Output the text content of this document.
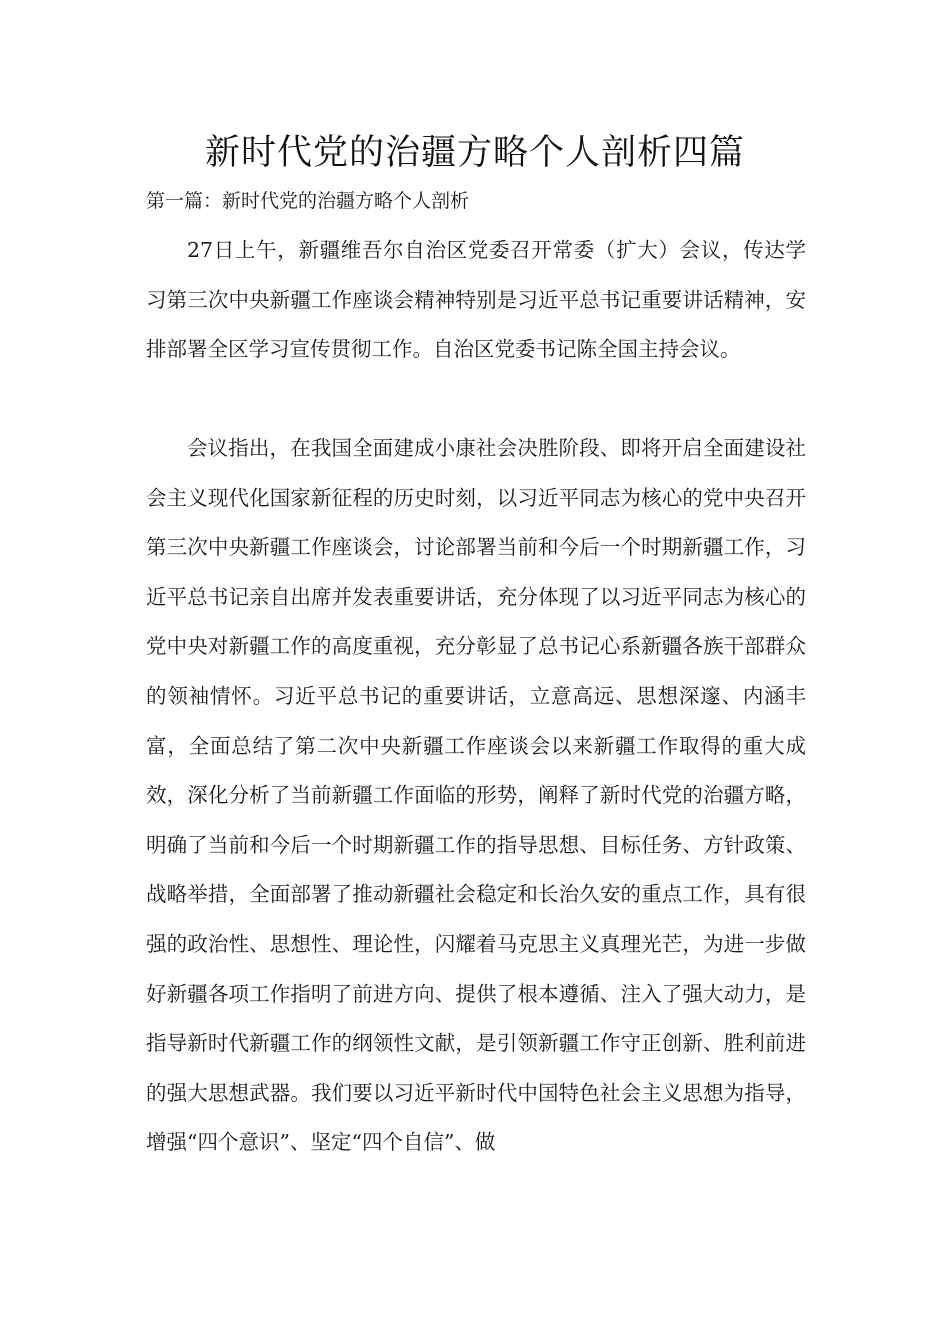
新时代党的治疆方略个人剖析四篇
第一篇：新时代党的治疆方略个人剖析

27日上午，新疆维吾尔自治区党委召开常委（扩大）会议，传达学习第三次中央新疆工作座谈会精神特别是习近平总书记重要讲话精神，安排部署全区学习宣传贯彻工作。自治区党委书记陈全国主持会议。

会议指出，在我国全面建成小康社会决胜阶段、即将开启全面建设社会主义现代化国家新征程的历史时刻，以习近平同志为核心的党中央召开第三次中央新疆工作座谈会，讨论部署当前和今后一个时期新疆工作，习近平总书记亲自出席并发表重要讲话，充分体现了以习近平同志为核心的党中央对新疆工作的高度重视，充分彰显了总书记心系新疆各族干部群众的领袖情怀。习近平总书记的重要讲话，立意高远、思想深邃、内涵丰富，全面总结了第二次中央新疆工作座谈会以来新疆工作取得的重大成效，深化分析了当前新疆工作面临的形势，阐释了新时代党的治疆方略，明确了当前和今后一个时期新疆工作的指导思想、目标任务、方针政策、战略举措，全面部署了推动新疆社会稳定和长治久安的重点工作，具有很强的政治性、思想性、理论性，闪耀着马克思主义真理光芒，为进一步做好新疆各项工作指明了前进方向、提供了根本遵循、注入了强大动力，是指导新时代新疆工作的纲领性文献，是引领新疆工作守正创新、胜利前进的强大思想武器。我们要以习近平新时代中国特色社会主义思想为指导，增强“四个意识”、坚定“四个自信”、做
